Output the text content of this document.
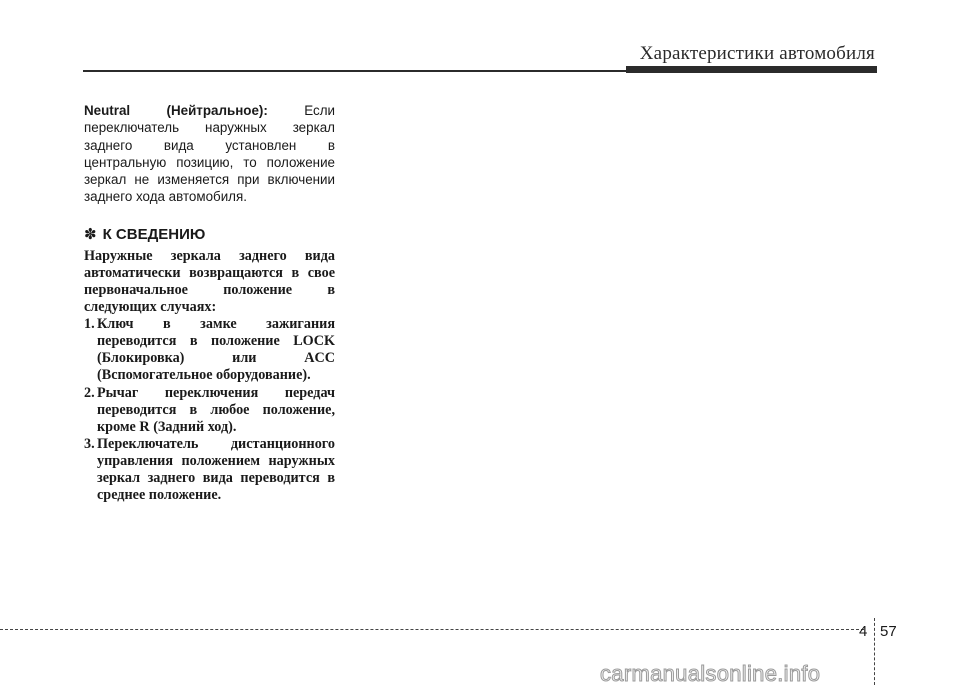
Характеристики автомобиля

Neutral (Нейтральное): Если переключатель наружных зеркал заднего вида установлен в центральную позицию, то положение зеркал не изменяется при включении заднего хода автомобиля.

✽ К СВЕДЕНИЮ

Наружные зеркала заднего вида автоматически возвращаются в свое первоначальное положение в следующих случаях:

1. Ключ в замке зажигания переводится в положение LOCK (Блокировка) или ACC (Вспомогательное оборудование).
2. Рычаг переключения передач переводится в любое положение, кроме R (Задний ход).
3. Переключатель дистанционного управления положением наружных зеркал заднего вида переводится в среднее положение.
4 57
carmanualsonline.info
